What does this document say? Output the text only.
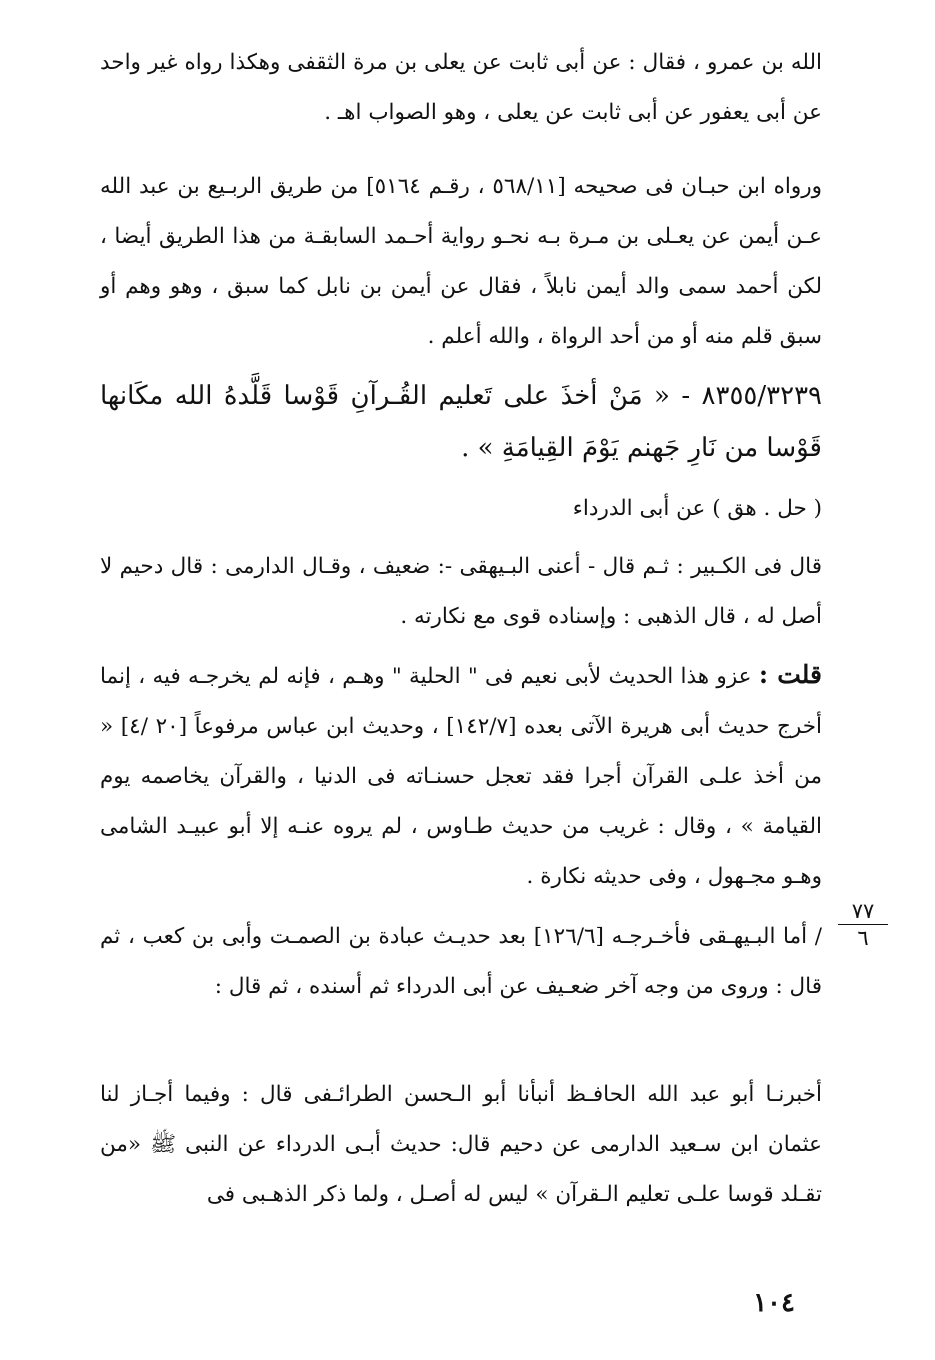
الله بن عمرو ، فقال : عن أبى ثابت عن يعلى بن مرة الثقفى وهكذا رواه غير واحد عن أبى يعفور عن أبى ثابت عن يعلى ، وهو الصواب اهـ .

ورواه ابن حبـان فى صحيحه [٥٦٨/١١ ، رقـم ٥١٦٤] من طريق الربـيع بن عبد الله عـن أيمن عن يعـلى بن مـرة بـه نحـو رواية أحـمد السابقـة من هذا الطريق أيضا ، لكن أحمد سمى والد أيمن نابلاً ، فقال عن أيمن بن نابل كما سبق ، وهو وهم أو سبق قلم منه أو من أحد الرواة ، والله أعلم .

٨٣٥٥/٣٢٣٩ - « مَنْ أخذَ على تَعليم القُـرآنِ قَوْسا قَلَّدهُ الله مكَانها قَوْسا من نَارِ جَهنم يَوْمَ القِيامَةِ » .

( حل . هق ) عن أبى الدرداء

قال فى الكـبير : ثـم قال - أعنى البـيهقى -: ضعيف ، وقـال الدارمى : قال دحيم لا أصل له ، قال الذهبى : وإسناده قوى مع نكارته .

قلت : عزو هذا الحديث لأبى نعيم فى " الحلية " وهـم ، فإنه لم يخرجـه فيه ، إنما أخرج حديث أبى هريرة الآتى بعده [١٤٢/٧] ، وحديث ابن عباس مرفوعاً [٢٠ /٤] « من أخذ علـى القرآن أجرا فقد تعجل حسنـاته فى الدنيا ، والقرآن يخاصمه يوم القيامة » ، وقال : غريب من حديث طـاوس ، لم يروه عنـه إلا أبو عبيـد الشامى وهـو مجـهول ، وفى حديثه نكارة .

٧٧
٦

/ أما البـيهـقى فأخـرجـه [١٢٦/٦] بعد حديـث عبادة بن الصمـت وأبى بن كعب ، ثم قال : وروى من وجه آخر ضعـيف عن أبى الدرداء ثم أسنده ، ثم قال :

أخبرنـا أبو عبد الله الحافـظ أنبأنا أبو الـحسن الطرائـفى قال : وفيما أجـاز لنا عثمان ابن سـعيد الدارمى عن دحيم قال: حديث أبـى الدرداء عن النبى ﷺ «من تقـلد قوسا علـى تعليم الـقرآن » ليس له أصـل ، ولما ذكر الذهـبى فى

١٠٤
